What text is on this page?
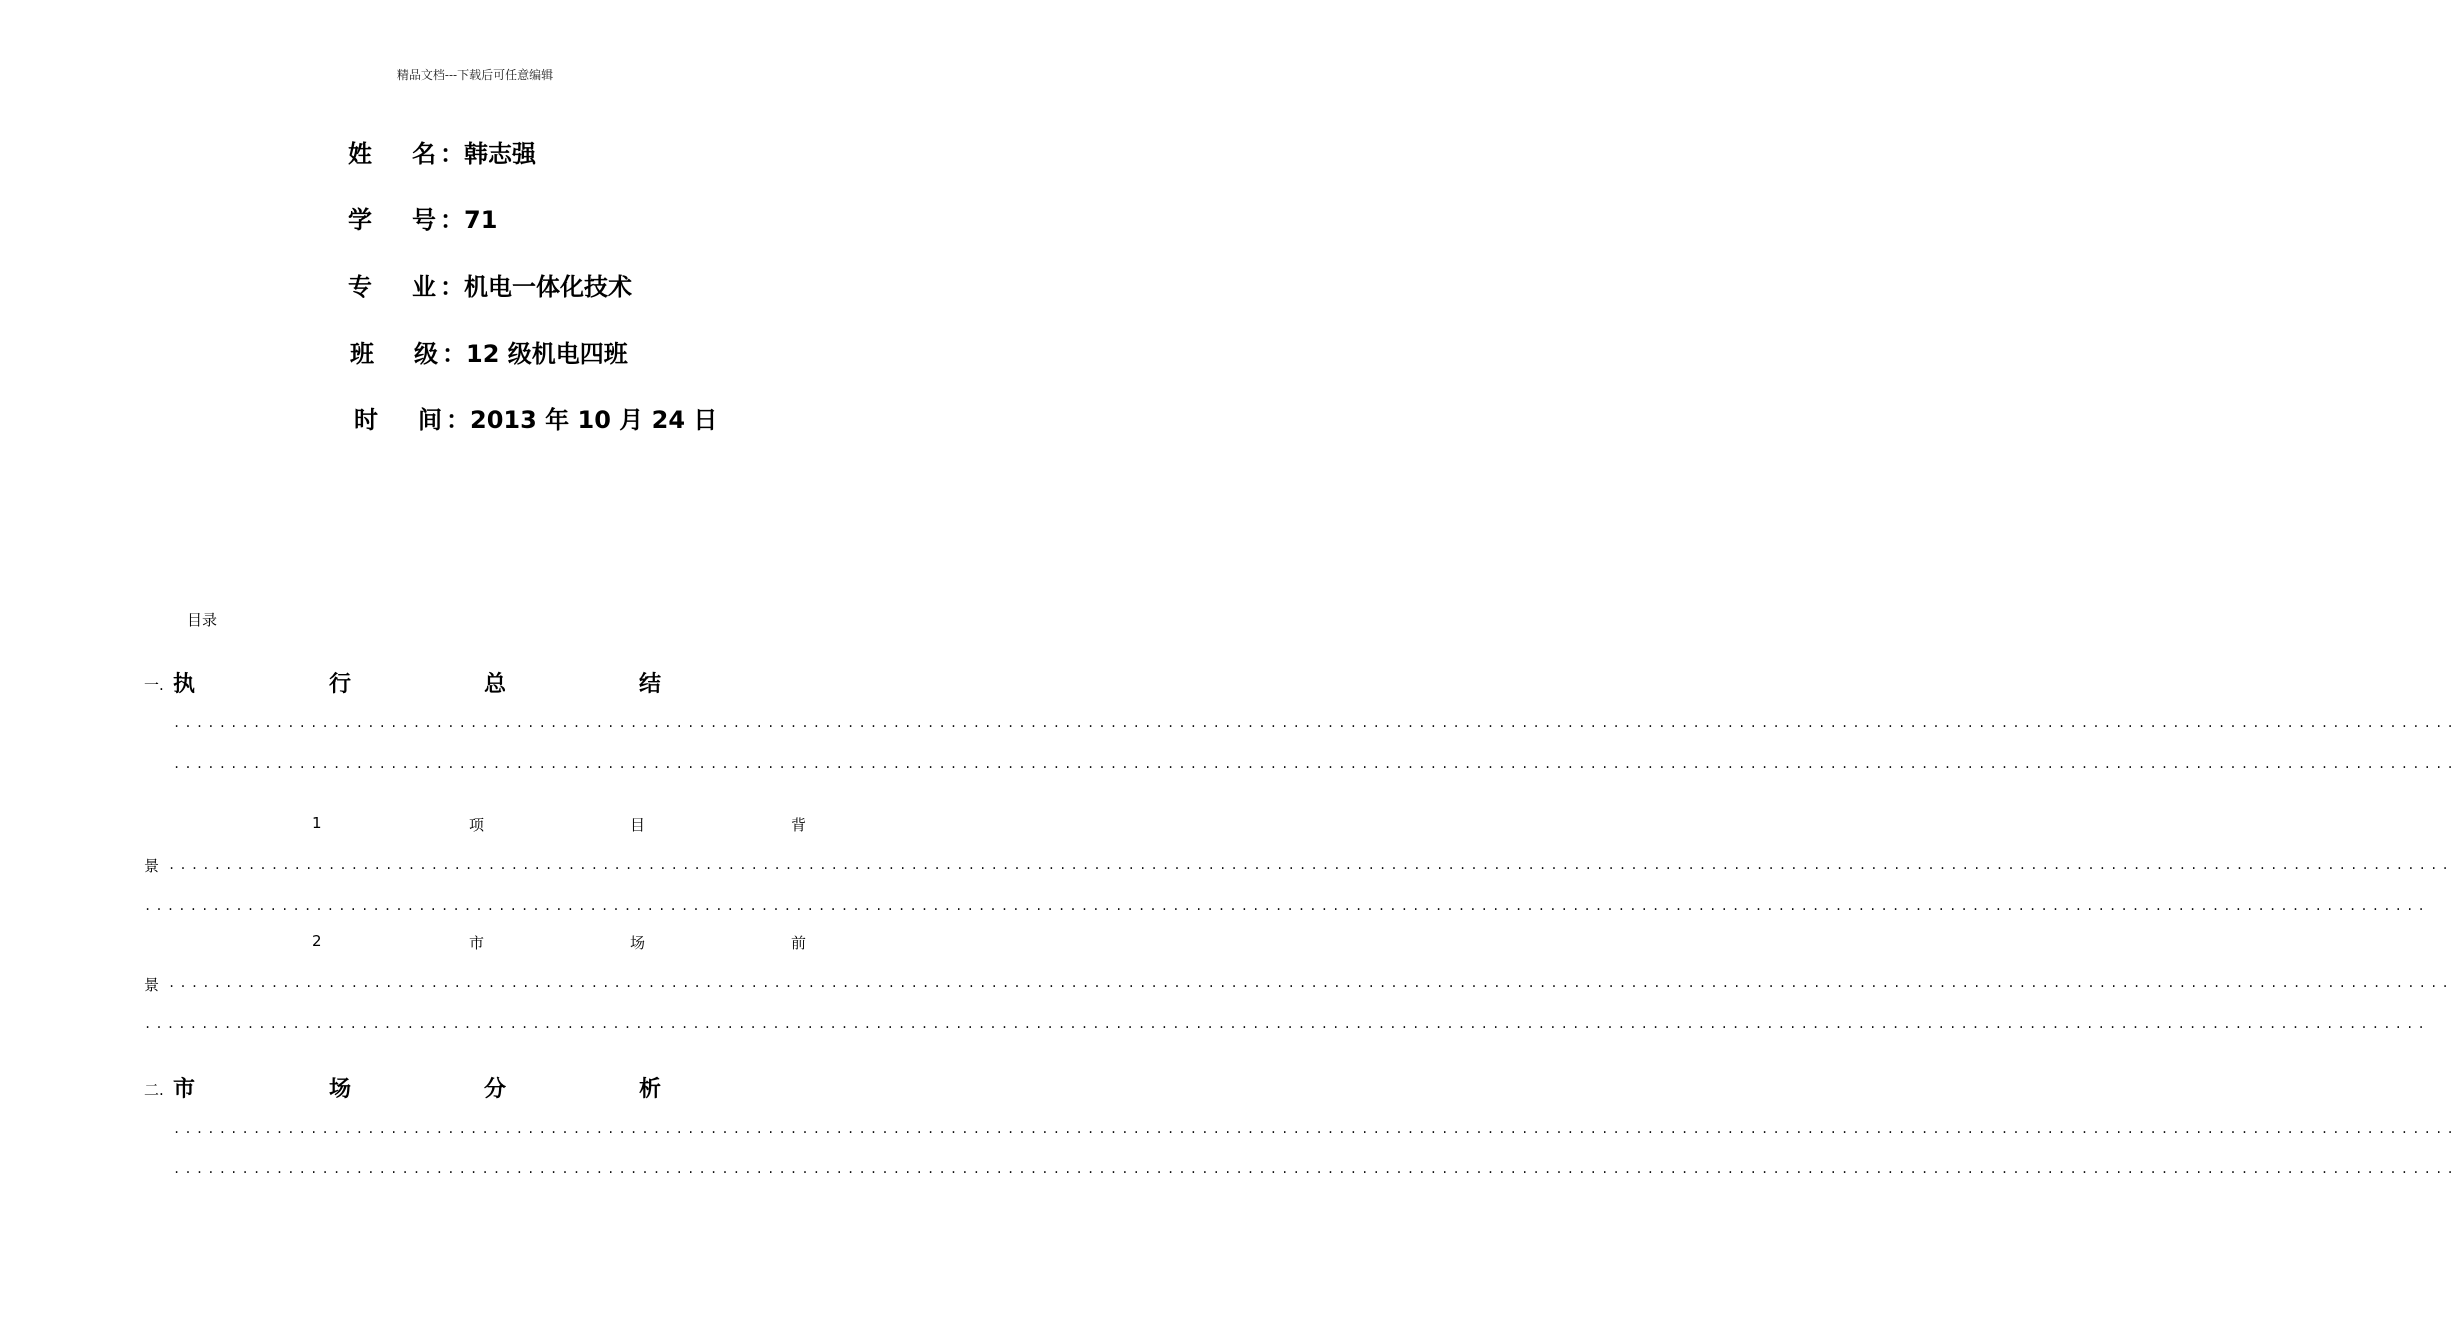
精品文档---下载后可任意编辑
姓 名 ：韩志强
学 号 ：71
专 业 ：机电一体化技术
班 级 ：12 级机电四班
时 间 ：2013 年 10 月 24 日
目录
一. 执	行	总	结
........................................................................................................................................................................................................
........................................................................................................................................................................................................
1	项	目	背
景 ........................................................................................................................................................................................................
........................................................................................................................................................................................................
2	市	场	前
景 ........................................................................................................................................................................................................
........................................................................................................................................................................................................
二. 市	场	分	析
........................................................................................................................................................................................................
........................................................................................................................................................................................................
